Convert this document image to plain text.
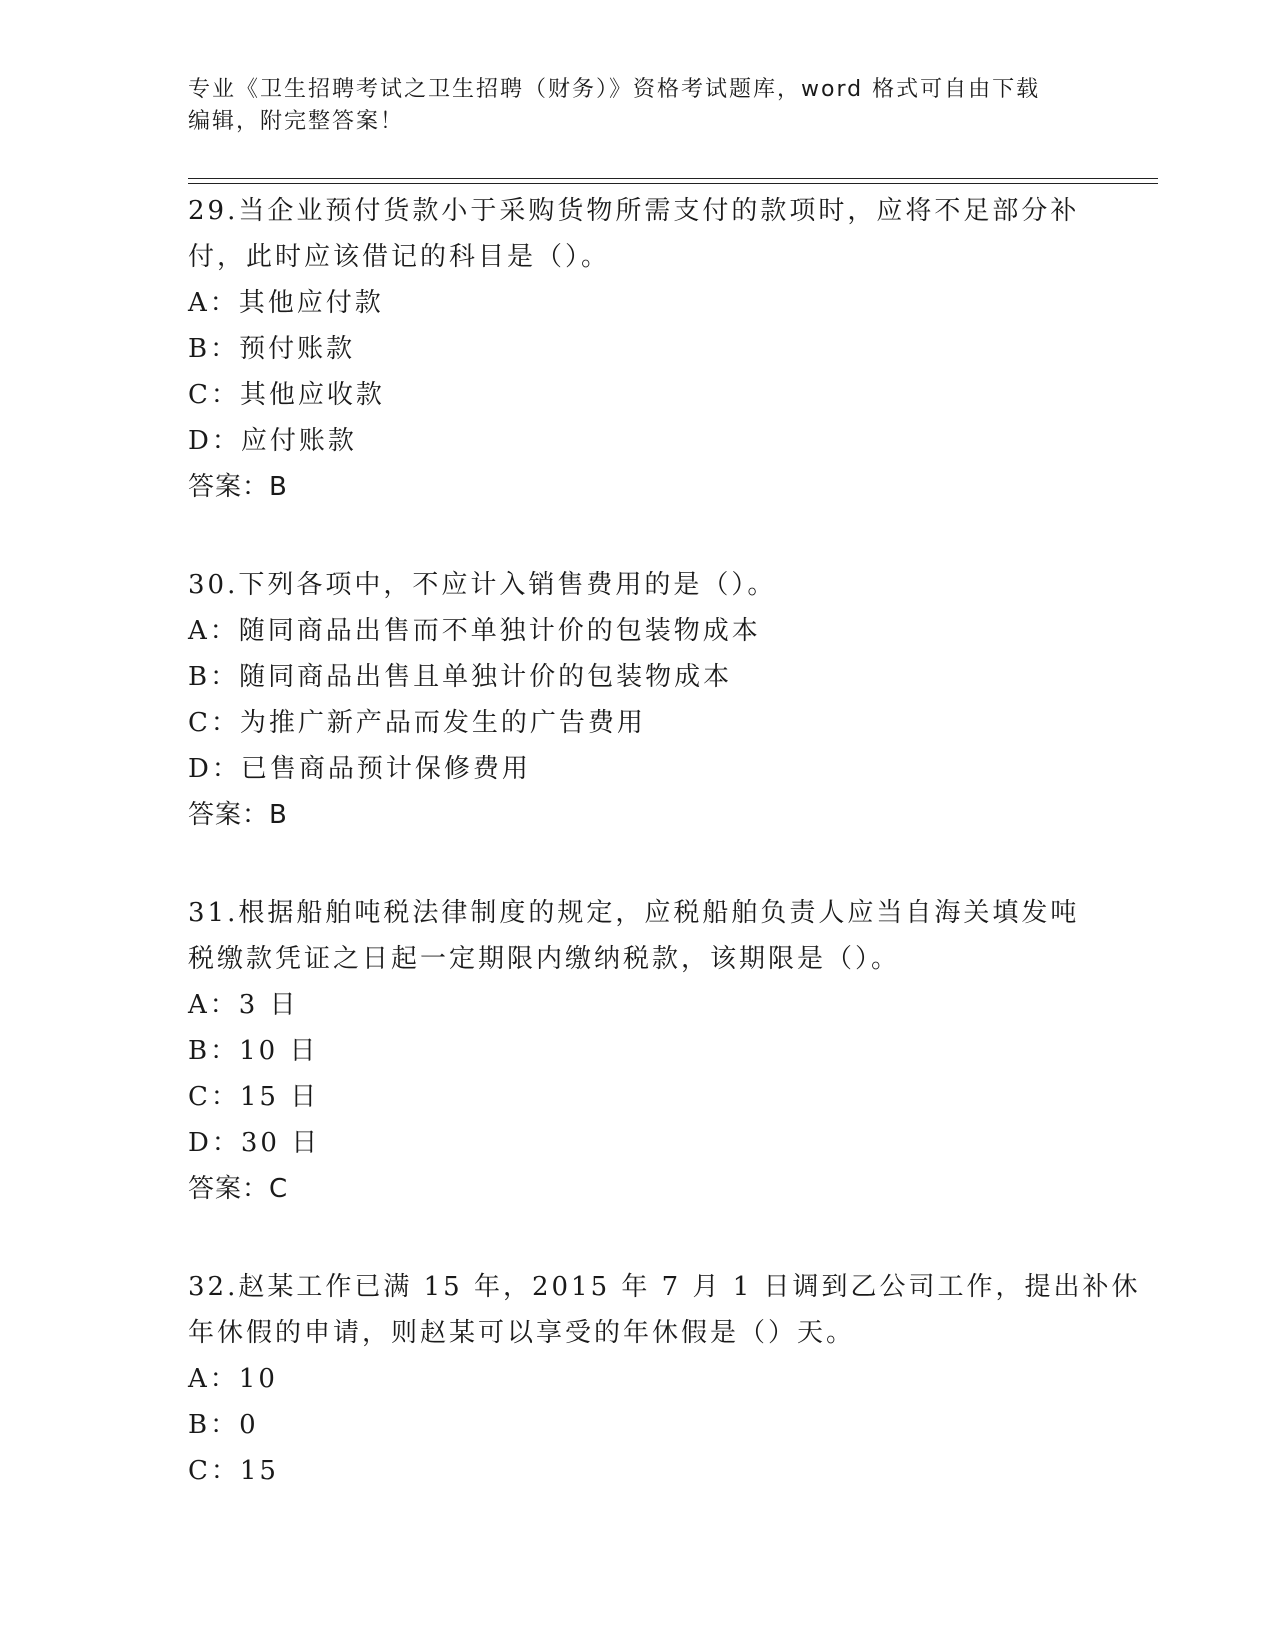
专业《卫生招聘考试之卫生招聘（财务）》资格考试题库，word 格式可自由下载
编辑，附完整答案！
29.当企业预付货款小于采购货物所需支付的款项时，应将不足部分补
付，此时应该借记的科目是（）。
A：其他应付款
B：预付账款
C：其他应收款
D：应付账款
答案：B
30.下列各项中，不应计入销售费用的是（）。
A：随同商品出售而不单独计价的包装物成本
B：随同商品出售且单独计价的包装物成本
C：为推广新产品而发生的广告费用
D：已售商品预计保修费用
答案：B
31.根据船舶吨税法律制度的规定，应税船舶负责人应当自海关填发吨
税缴款凭证之日起一定期限内缴纳税款，该期限是（）。
A：3 日
B：10 日
C：15 日
D：30 日
答案：C
32.赵某工作已满 15 年，2015 年 7 月 1 日调到乙公司工作，提出补休
年休假的申请，则赵某可以享受的年休假是（）天。
A：10
B：0
C：15
